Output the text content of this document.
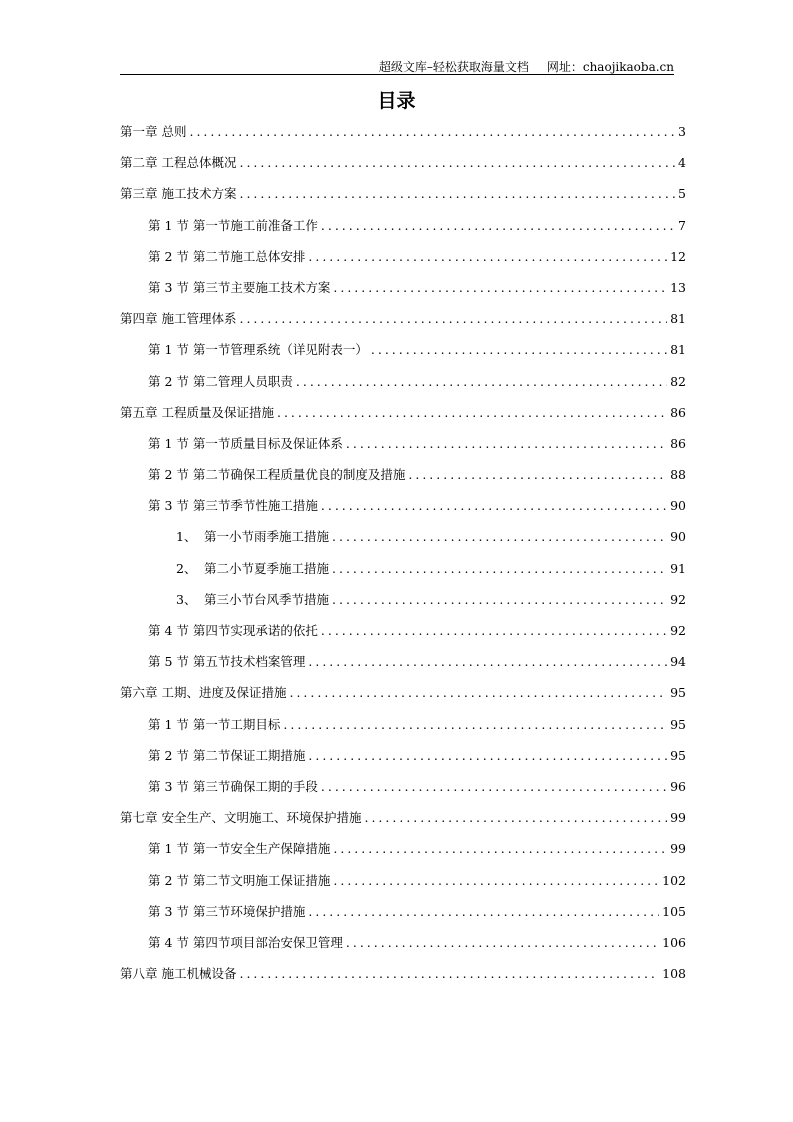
超级文库–轻松获取海量文档 网址：chaojikaoba.cn
目录
第一章 总则 .....	3
第二章 工程总体概况 .....	4
第三章 施工技术方案 .....	5
第 1 节 第一节施工前准备工作 .....	7
第 2 节 第二节施工总体安排 .....	12
第 3 节 第三节主要施工技术方案 .....	13
第四章 施工管理体系 .....	81
第 1 节 第一节管理系统（详见附表一） .....	81
第 2 节 第二管理人员职责 .....	82
第五章 工程质量及保证措施 .....	86
第 1 节 第一节质量目标及保证体系 .....	86
第 2 节 第二节确保工程质量优良的制度及措施 .....	88
第 3 节 第三节季节性施工措施 .....	90
1、 第一小节雨季施工措施 .....	90
2、 第二小节夏季施工措施 .....	91
3、 第三小节台风季节措施 .....	92
第 4 节 第四节实现承诺的依托 .....	92
第 5 节 第五节技术档案管理 .....	94
第六章 工期、进度及保证措施 .....	95
第 1 节 第一节工期目标 .....	95
第 2 节 第二节保证工期措施 .....	95
第 3 节 第三节确保工期的手段 .....	96
第七章 安全生产、文明施工、环境保护措施 .....	99
第 1 节 第一节安全生产保障措施 .....	99
第 2 节 第二节文明施工保证措施 .....	102
第 3 节 第三节环境保护措施 .....	105
第 4 节 第四节项目部治安保卫管理 .....	106
第八章 施工机械设备 .....	108
